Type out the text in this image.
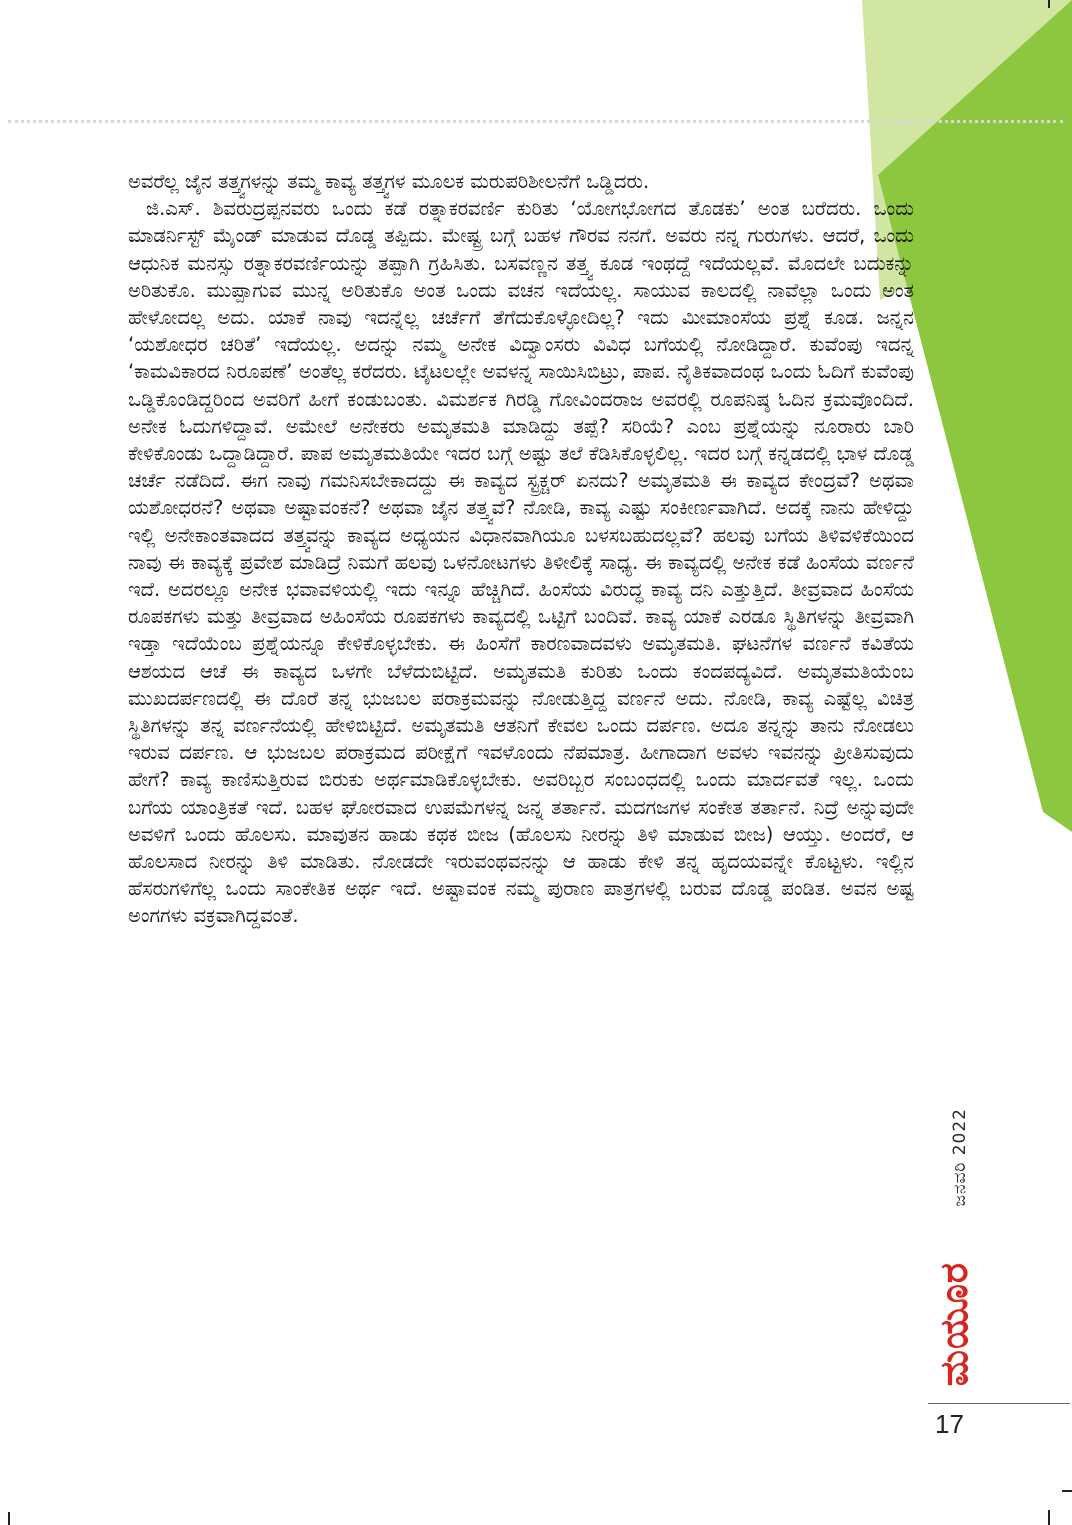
ಅವರೆಲ್ಲ ಜೈನ ತತ್ತ್ವಗಳನ್ನು ತಮ್ಮ ಕಾವ್ಯ ತತ್ತ್ವಗಳ ಮೂಲಕ ಮರುಪರಿಶೀಲನೆಗೆ ಒಡ್ಡಿದರು.

ಜಿ.ಎಸ್. ಶಿವರುದ್ರಪ್ಪನವರು ಒಂದು ಕಡೆ ರತ್ನಾಕರವರ್ಣಿ ಕುರಿತು ‘ಯೋಗಭೋಗದ ತೊಡಕು’ ಅಂತ ಬರೆದರು. ಒಂದು ಮಾಡರ್ನಿಸ್ಟ್ ಮೈಂಡ್ ಮಾಡುವ ದೊಡ್ಡ ತಪ್ಪಿದು. ಮೇಷ್ಟ್ರ ಬಗ್ಗೆ ಬಹಳ ಗೌರವ ನನಗೆ. ಅವರು ನನ್ನ ಗುರುಗಳು. ಆದರೆ, ಒಂದು ಆಧುನಿಕ ಮನಸ್ಸು ರತ್ನಾಕರವರ್ಣಿಯನ್ನು ತಪ್ಪಾಗಿ ಗ್ರಹಿಸಿತು. ಬಸವಣ್ಣನ ತತ್ತ್ವ ಕೂಡ ಇಂಥದ್ದೆ ಇದೆಯಲ್ಲವೆ. ಮೊದಲೇ ಬದುಕನ್ನು ಅರಿತುಕೊ. ಮುಪ್ಪಾಗುವ ಮುನ್ನ ಅರಿತುಕೊ ಅಂತ ಒಂದು ವಚನ ಇದೆಯಲ್ಲ. ಸಾಯುವ ಕಾಲದಲ್ಲಿ ನಾವೆಲ್ಲಾ ಒಂದು ಅಂತ ಹೇಳೋದಲ್ಲ ಅದು. ಯಾಕೆ ನಾವು ಇದನ್ನೆಲ್ಲ ಚರ್ಚೆಗೆ ತೆಗೆದುಕೊಳ್ಳೋದಿಲ್ಲ? ಇದು ಮೀಮಾಂಸೆಯ ಪ್ರಶ್ನೆ ಕೂಡ. ಜನ್ನನ ‘ಯಶೋಧರ ಚರಿತೆ’ ಇದೆಯಲ್ಲ. ಅದನ್ನು ನಮ್ಮ ಅನೇಕ ವಿದ್ವಾಂಸರು ವಿವಿಧ ಬಗೆಯಲ್ಲಿ ನೋಡಿದ್ದಾರೆ. ಕುವೆಂಪು ಇದನ್ನ ‘ಕಾಮವಿಕಾರದ ನಿರೂಪಣೆ’ ಅಂತೆಲ್ಲ ಕರೆದರು. ಟೈಟಲಲ್ಲೇ ಅವಳನ್ನ ಸಾಯಿಸಿಬಿಟ್ರು, ಪಾಪ. ನೈತಿಕವಾದಂಥ ಒಂದು ಓದಿಗೆ ಕುವೆಂಪು ಒಡ್ಡಿಕೊಂಡಿದ್ದರಿಂದ ಅವರಿಗೆ ಹೀಗೆ ಕಂಡುಬಂತು. ವಿಮರ್ಶಕ ಗಿರಡ್ಡಿ ಗೋವಿಂದರಾಜ ಅವರಲ್ಲಿ ರೂಪನಿಷ್ಠ ಓದಿನ ಕ್ರಮವೊಂದಿದೆ. ಅನೇಕ ಓದುಗಳಿದ್ದಾವೆ. ಅಮೇಲೆ ಅನೇಕರು ಅಮೃತಮತಿ ಮಾಡಿದ್ದು ತಪ್ಪೆ? ಸರಿಯೆ? ಎಂಬ ಪ್ರಶ್ನೆಯನ್ನು ನೂರಾರು ಬಾರಿ ಕೇಳಿಕೊಂಡು ಒದ್ದಾಡಿದ್ದಾರೆ. ಪಾಪ ಅಮೃತಮತಿಯೇ ಇದರ ಬಗ್ಗೆ ಅಷ್ಟು ತಲೆ ಕೆಡಿಸಿಕೊಳ್ಳಲಿಲ್ಲ. ಇದರ ಬಗ್ಗೆ ಕನ್ನಡದಲ್ಲಿ ಭಾಳ ದೊಡ್ಡ ಚರ್ಚೆ ನಡೆದಿದೆ. ಈಗ ನಾವು ಗಮನಿಸಬೇಕಾದದ್ದು ಈ ಕಾವ್ಯದ ಸ್ಟ್ರಕ್ಚರ್ ಏನದು? ಅಮೃತಮತಿ ಈ ಕಾವ್ಯದ ಕೇಂದ್ರವೆ? ಅಥವಾ ಯಶೋಧರನೆ? ಅಥವಾ ಅಷ್ಟಾವಂಕನೆ? ಅಥವಾ ಜೈನ ತತ್ತ್ವವೆ? ನೋಡಿ, ಕಾವ್ಯ ಎಷ್ಟು ಸಂಕೀರ್ಣವಾಗಿದೆ. ಅದಕ್ಕೆ ನಾನು ಹೇಳಿದ್ದು ಇಲ್ಲಿ ಅನೇಕಾಂತವಾದದ ತತ್ತ್ವವನ್ನು ಕಾವ್ಯದ ಅಧ್ಯಯನ ವಿಧಾನವಾಗಿಯೂ ಬಳಸಬಹುದಲ್ಲವೆ? ಹಲವು ಬಗೆಯ ತಿಳಿವಳಿಕೆಯಿಂದ ನಾವು ಈ ಕಾವ್ಯಕ್ಕೆ ಪ್ರವೇಶ ಮಾಡಿದ್ರೆ ನಿಮಗೆ ಹಲವು ಒಳನೋಟಗಳು ತಿಳೀಲಿಕ್ಕೆ ಸಾಧ್ಯ. ಈ ಕಾವ್ಯದಲ್ಲಿ ಅನೇಕ ಕಡೆ ಹಿಂಸೆಯ ವರ್ಣನೆ ಇದೆ. ಅದರಲ್ಲೂ ಅನೇಕ ಭವಾವಳಿಯಲ್ಲಿ ಇದು ಇನ್ನೂ ಹೆಚ್ಚಿಗಿದೆ. ಹಿಂಸೆಯ ವಿರುದ್ಧ ಕಾವ್ಯ ದನಿ ಎತ್ತುತ್ತಿದೆ. ತೀವ್ರವಾದ ಹಿಂಸೆಯ ರೂಪಕಗಳು ಮತ್ತು ತೀವ್ರವಾದ ಅಹಿಂಸೆಯ ರೂಪಕಗಳು ಕಾವ್ಯದಲ್ಲಿ ಒಟ್ಟಿಗೆ ಬಂದಿವೆ. ಕಾವ್ಯ ಯಾಕೆ ಎರಡೂ ಸ್ಥಿತಿಗಳನ್ನು ತೀವ್ರವಾಗಿ ಇಡ್ತಾ ಇದೆಯೆಂಬ ಪ್ರಶ್ನೆಯನ್ನೂ ಕೇಳಿಕೊಳ್ಳಬೇಕು. ಈ ಹಿಂಸೆಗೆ ಕಾರಣವಾದವಳು ಅಮೃತಮತಿ. ಘಟನೆಗಳ ವರ್ಣನೆ ಕವಿತೆಯ ಆಶಯದ ಆಚೆ ಈ ಕಾವ್ಯದ ಒಳಗೇ ಬೆಳೆದುಬಿಟ್ಟಿದೆ. ಅಮೃತಮತಿ ಕುರಿತು ಒಂದು ಕಂದಪದ್ಯವಿದೆ. ಅಮೃತಮತಿಯೆಂಬ ಮುಖದರ್ಪಣದಲ್ಲಿ ಈ ದೊರೆ ತನ್ನ ಭುಜಬಲ ಪರಾಕ್ರಮವನ್ನು ನೋಡುತ್ತಿದ್ದ ವರ್ಣನೆ ಅದು. ನೋಡಿ, ಕಾವ್ಯ ಎಷ್ಟೆಲ್ಲ ವಿಚಿತ್ರ ಸ್ಥಿತಿಗಳನ್ನು ತನ್ನ ವರ್ಣನೆಯಲ್ಲಿ ಹೇಳಿಬಿಟ್ಟಿದೆ. ಅಮೃತಮತಿ ಆತನಿಗೆ ಕೇವಲ ಒಂದು ದರ್ಪಣ. ಅದೂ ತನ್ನನ್ನು ತಾನು ನೋಡಲು ಇರುವ ದರ್ಪಣ. ಆ ಭುಜಬಲ ಪರಾಕ್ರಮದ ಪರೀಕ್ಷೆಗೆ ಇವಳೊಂದು ನೆಪಮಾತ್ರ. ಹೀಗಾದಾಗ ಅವಳು ಇವನನ್ನು ಪ್ರೀತಿಸುವುದು ಹೇಗೆ? ಕಾವ್ಯ ಕಾಣಿಸುತ್ತಿರುವ ಬಿರುಕು ಅರ್ಥಮಾಡಿಕೊಳ್ಳಬೇಕು. ಅವರಿಬ್ಬರ ಸಂಬಂಧದಲ್ಲಿ ಒಂದು ಮಾರ್ದವತೆ ಇಲ್ಲ. ಒಂದು ಬಗೆಯ ಯಾಂತ್ರಿಕತೆ ಇದೆ. ಬಹಳ ಘೋರವಾದ ಉಪಮೆಗಳನ್ನ ಜನ್ನ ತರ್ತಾನೆ. ಮದಗಜಗಳ ಸಂಕೇತ ತರ್ತಾನೆ. ನಿದ್ರೆ ಅನ್ನುವುದೇ ಅವಳಿಗೆ ಒಂದು ಹೊಲಸು. ಮಾವುತನ ಹಾಡು ಕಥಕ ಬೀಜ (ಹೊಲಸು ನೀರನ್ನು ತಿಳಿ ಮಾಡುವ ಬೀಜ) ಆಯ್ತು. ಅಂದರೆ, ಆ ಹೊಲಸಾದ ನೀರನ್ನು ತಿಳಿ ಮಾಡಿತು. ನೋಡದೇ ಇರುವಂಥವನನ್ನು ಆ ಹಾಡು ಕೇಳಿ ತನ್ನ ಹೃದಯವನ್ನೇ ಕೊಟ್ಟಳು. ಇಲ್ಲಿನ ಹೆಸರುಗಳಿಗೆಲ್ಲ ಒಂದು ಸಾಂಕೇತಿಕ ಅರ್ಥ ಇದೆ. ಅಷ್ಟಾವಂಕ ನಮ್ಮ ಪುರಾಣ ಪಾತ್ರಗಳಲ್ಲಿ ಬರುವ ದೊಡ್ಡ ಪಂಡಿತ. ಅವನ ಅಷ್ಟ ಅಂಗಗಳು ವಕ್ರವಾಗಿದ್ದವಂತೆ.

ಜನವರಿ 2022
ಮಯೂರ
17
